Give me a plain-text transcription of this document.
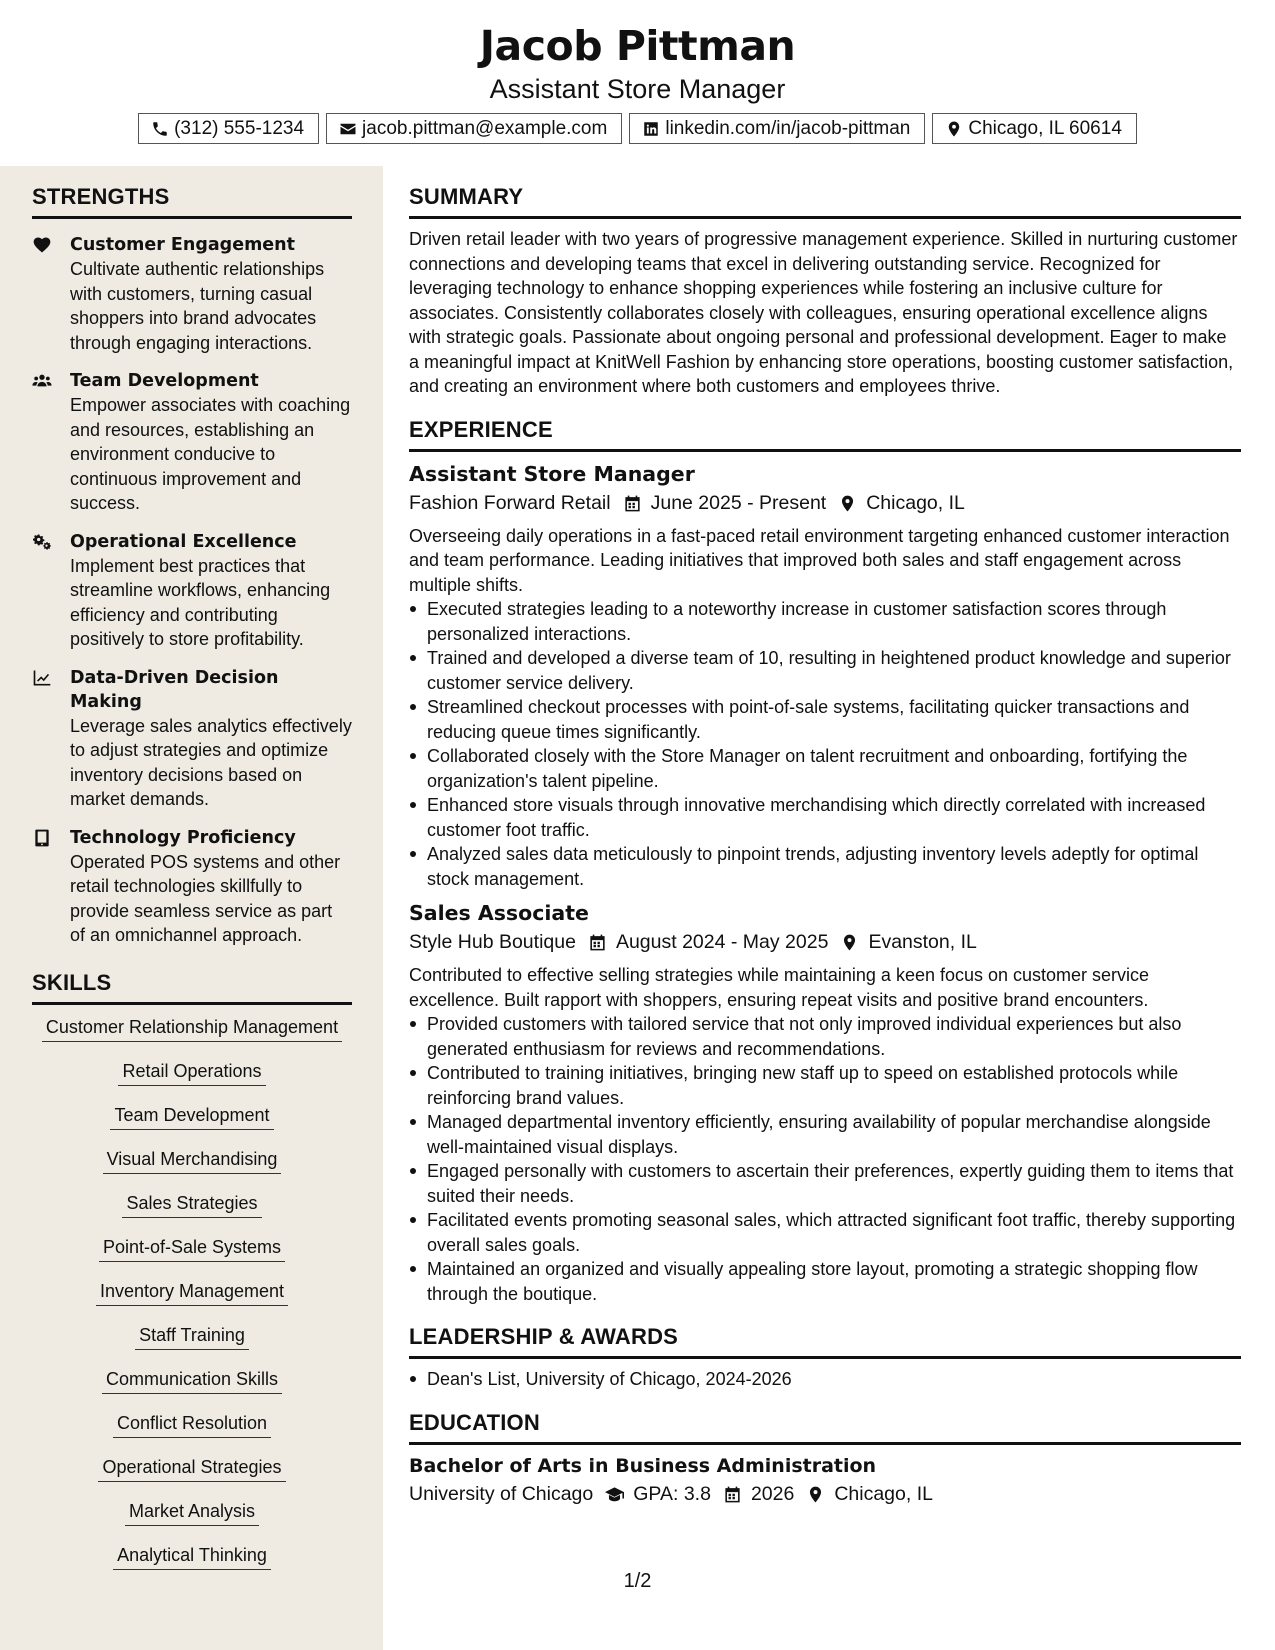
Jacob Pittman
Assistant Store Manager
(312) 555-1234	jacob.pittman@example.com	linkedin.com/in/jacob-pittman	Chicago, IL 60614
STRENGTHS
Customer Engagement
Cultivate authentic relationships with customers, turning casual shoppers into brand advocates through engaging interactions.
Team Development
Empower associates with coaching and resources, establishing an environment conducive to continuous improvement and success.
Operational Excellence
Implement best practices that streamline workflows, enhancing efficiency and contributing positively to store profitability.
Data-Driven Decision Making
Leverage sales analytics effectively to adjust strategies and optimize inventory decisions based on market demands.
Technology Proficiency
Operated POS systems and other retail technologies skillfully to provide seamless service as part of an omnichannel approach.
SKILLS
Customer Relationship Management
Retail Operations
Team Development
Visual Merchandising
Sales Strategies
Point-of-Sale Systems
Inventory Management
Staff Training
Communication Skills
Conflict Resolution
Operational Strategies
Market Analysis
Analytical Thinking
SUMMARY

Driven retail leader with two years of progressive management experience. Skilled in nurturing customer connections and developing teams that excel in delivering outstanding service. Recognized for leveraging technology to enhance shopping experiences while fostering an inclusive culture for associates. Consistently collaborates closely with colleagues, ensuring operational excellence aligns with strategic goals. Passionate about ongoing personal and professional development. Eager to make a meaningful impact at KnitWell Fashion by enhancing store operations, boosting customer satisfaction, and creating an environment where both customers and employees thrive.

EXPERIENCE
Assistant Store Manager
Fashion Forward Retail June 2025 - Present Chicago, IL

Overseeing daily operations in a fast-paced retail environment targeting enhanced customer interaction and team performance. Leading initiatives that improved both sales and staff engagement across multiple shifts.

Executed strategies leading to a noteworthy increase in customer satisfaction scores through personalized interactions.
Trained and developed a diverse team of 10, resulting in heightened product knowledge and superior customer service delivery.
Streamlined checkout processes with point-of-sale systems, facilitating quicker transactions and reducing queue times significantly.
Collaborated closely with the Store Manager on talent recruitment and onboarding, fortifying the organization's talent pipeline.
Enhanced store visuals through innovative merchandising which directly correlated with increased customer foot traffic.
Analyzed sales data meticulously to pinpoint trends, adjusting inventory levels adeptly for optimal stock management.
Sales Associate
Style Hub Boutique August 2024 - May 2025 Evanston, IL

Contributed to effective selling strategies while maintaining a keen focus on customer service excellence. Built rapport with shoppers, ensuring repeat visits and positive brand encounters.

Provided customers with tailored service that not only improved individual experiences but also generated enthusiasm for reviews and recommendations.
Contributed to training initiatives, bringing new staff up to speed on established protocols while reinforcing brand values.
Managed departmental inventory efficiently, ensuring availability of popular merchandise alongside well-maintained visual displays.
Engaged personally with customers to ascertain their preferences, expertly guiding them to items that suited their needs.
Facilitated events promoting seasonal sales, which attracted significant foot traffic, thereby supporting overall sales goals.
Maintained an organized and visually appealing store layout, promoting a strategic shopping flow through the boutique.
LEADERSHIP & AWARDS
Dean's List, University of Chicago, 2024-2026
EDUCATION
Bachelor of Arts in Business Administration
University of Chicago GPA: 3.8 2026 Chicago, IL
1/2
